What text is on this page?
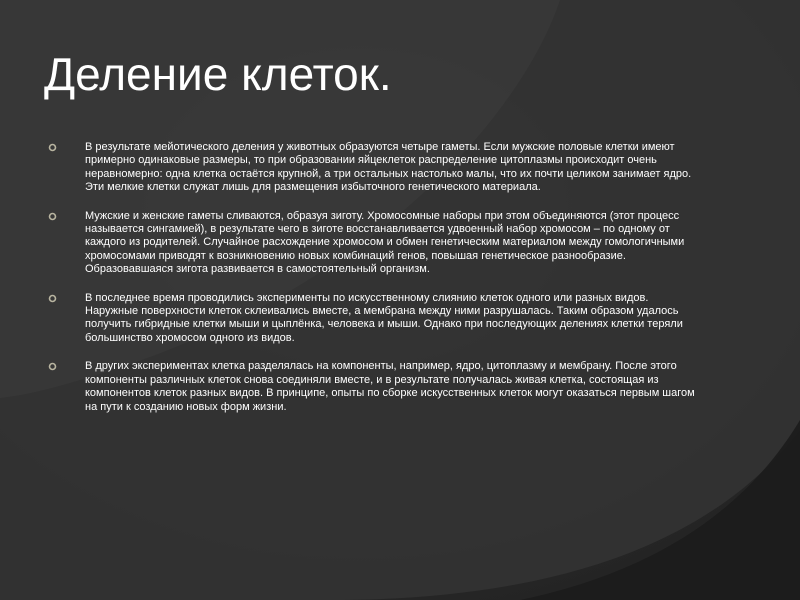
Деление клеток.
В результате мейотического деления у животных образуются четыре гаметы. Если мужские половые клетки имеют примерно одинаковые размеры, то при образовании яйцеклеток распределение цитоплазмы происходит очень неравномерно: одна клетка остаётся крупной, а три остальных настолько малы, что их почти целиком занимает ядро. Эти мелкие клетки служат лишь для размещения избыточного генетического материала.
Мужские и женские гаметы сливаются, образуя зиготу. Хромосомные наборы при этом объединяются (этот процесс называется сингамией), в результате чего в зиготе восстанавливается удвоенный набор хромосом – по одному от каждого из родителей. Случайное расхождение хромосом и обмен генетическим материалом между гомологичными хромосомами приводят к возникновению новых комбинаций генов, повышая генетическое разнообразие. Образовавшаяся зигота развивается в самостоятельный организм.
В последнее время проводились эксперименты по искусственному слиянию клеток одного или разных видов. Наружные поверхности клеток склеивались вместе, а мембрана между ними разрушалась. Таким образом удалось получить гибридные клетки мыши и цыплёнка, человека и мыши. Однако при последующих делениях клетки теряли большинство хромосом одного из видов.
В других экспериментах клетка разделялась на компоненты, например, ядро, цитоплазму и мембрану. После этого компоненты различных клеток снова соединяли вместе, и в результате получалась живая клетка, состоящая из компонентов клеток разных видов. В принципе, опыты по сборке искусственных клеток могут оказаться первым шагом на пути к созданию новых форм жизни.
